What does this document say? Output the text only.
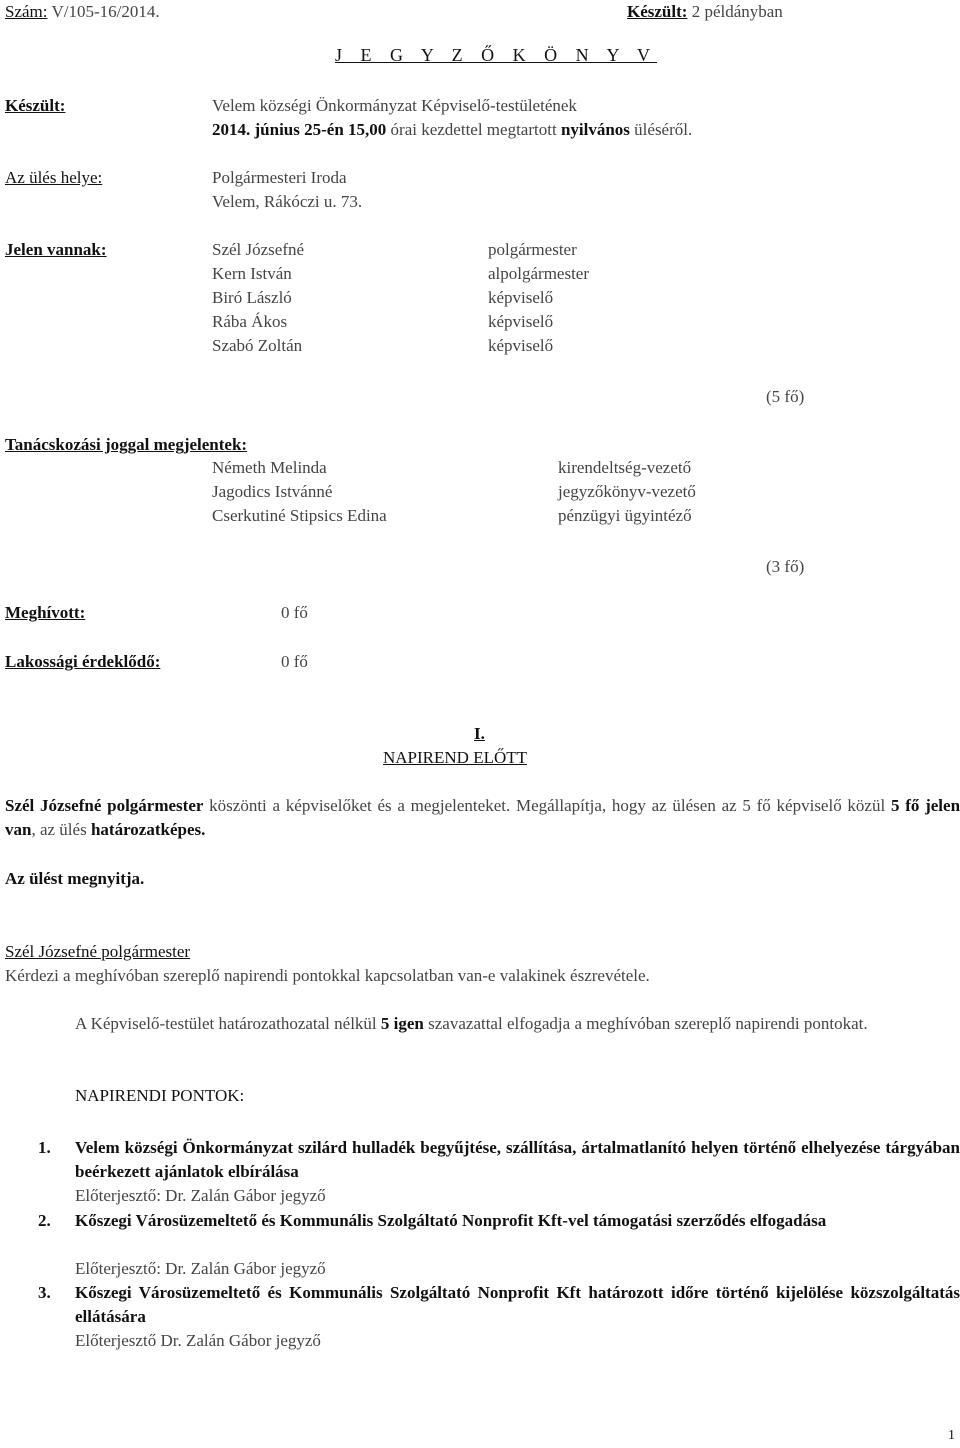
Szám: V/105-16/2014.	Készült: 2 példányban
J E G Y Z Ő K Ö N Y V
Készült:	Velem községi Önkormányzat Képviselő-testületének
2014. június 25-én 15,00 órai kezdettel megtartott nyilvános üléséről.
Az ülés helye:	Polgármesteri Iroda
Velem, Rákóczi u. 73.
Jelen vannak:	Szél Józsefné	polgármester
Kern István	alpolgármester
Biró László	képviselő
Rába Ákos	képviselő
Szabó Zoltán	képviselő
(5 fő)
Tanácskozási joggal megjelentek:
Németh Melinda	kirendeltség-vezető
Jagodics Istvánné	jegyzőkönyv-vezető
Cserkutiné Stipsics Edina	pénzügyi ügyintéző
(3 fő)
Meghívott:	0 fő
Lakossági érdeklődő:	0 fő
I.
NAPIREND ELŐTT
Szél Józsefné polgármester köszönti a képviselőket és a megjelenteket. Megállapítja, hogy az ülésen az 5 fő képviselő közül 5 fő jelen van, az ülés határozatképes.
Az ülést megnyitja.
Szél Józsefné polgármester
Kérdezi a meghívóban szereplő napirendi pontokkal kapcsolatban van-e valakinek észrevétele.
A Képviselő-testület határozathozatal nélkül 5 igen szavazattal elfogadja a meghívóban szereplő napirendi pontokat.
NAPIRENDI PONTOK:
1. Velem községi Önkormányzat szilárd hulladék begyűjtése, szállítása, ártalmatlanító helyen történő elhelyezése tárgyában beérkezett ajánlatok elbírálása
Előterjesztő: Dr. Zalán Gábor jegyző
2. Kőszegi Városüzemeltető és Kommunális Szolgáltató Nonprofit Kft-vel támogatási szerződés elfogadása
Előterjesztő: Dr. Zalán Gábor jegyző
3. Kőszegi Városüzemeltető és Kommunális Szolgáltató Nonprofit Kft határozott időre történő kijelölése közszolgáltatás ellátására
Előterjesztő Dr. Zalán Gábor jegyző
1
